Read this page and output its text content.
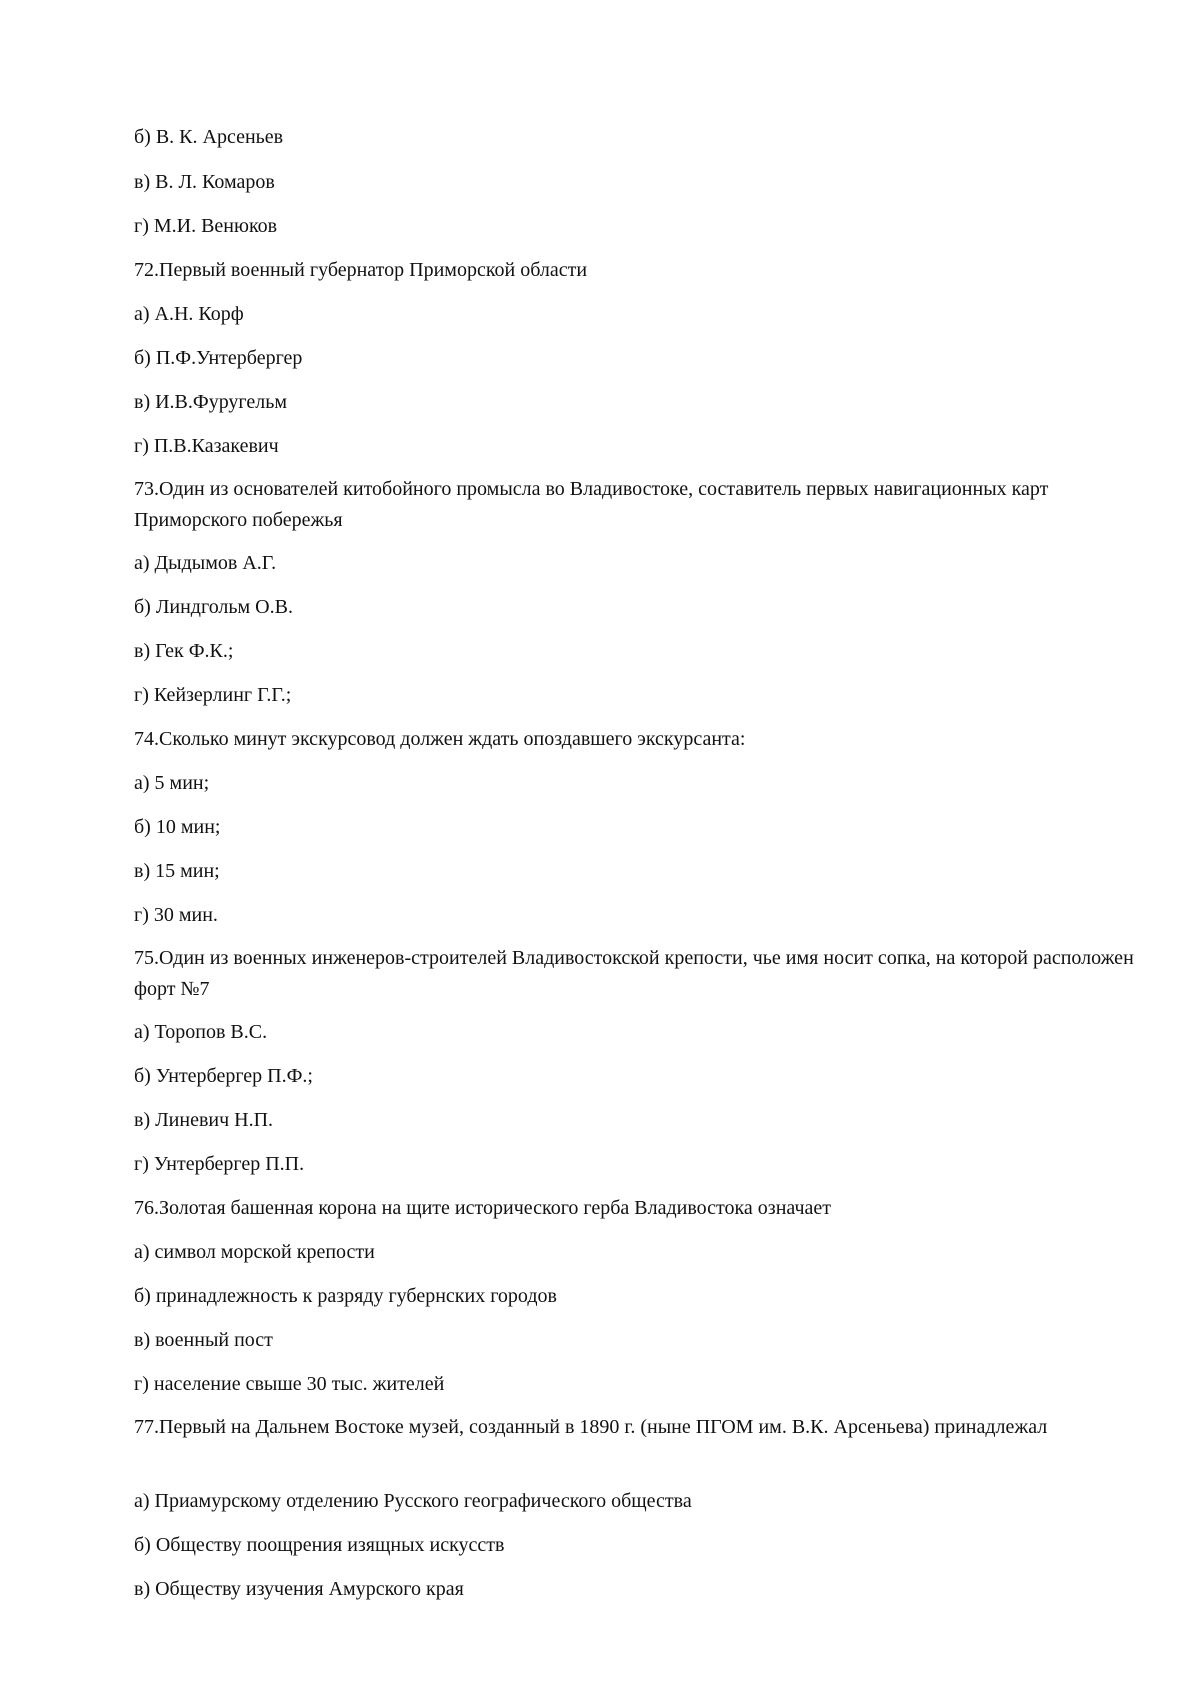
б) В. К. Арсеньев
в) В. Л. Комаров
г) М.И. Венюков
72.Первый военный губернатор Приморской области
а) А.Н. Корф
б) П.Ф.Унтербергер
в) И.В.Фуругельм
г) П.В.Казакевич
73.Один из основателей китобойного промысла во Владивостоке, составитель первых навигационных карт Приморского побережья
а) Дыдымов А.Г.
б) Линдгольм О.В.
в) Гек Ф.К.;
г) Кейзерлинг Г.Г.;
74.Сколько минут экскурсовод должен ждать опоздавшего экскурсанта:
а) 5 мин;
б) 10 мин;
в) 15 мин;
г) 30 мин.
75.Один из военных инженеров-строителей Владивостокской крепости, чье имя носит сопка, на которой расположен форт №7
а) Торопов В.С.
б) Унтербергер П.Ф.;
в) Линевич Н.П.
г) Унтербергер П.П.
76.Золотая башенная корона на щите исторического герба Владивостока означает
а) символ морской крепости
б) принадлежность к разряду губернских городов
в) военный пост
г) население свыше 30 тыс. жителей
77.Первый на Дальнем Востоке музей, созданный в 1890 г. (ныне ПГОМ им. В.К. Арсеньева) принадлежал
а) Приамурскому отделению Русского географического общества
б) Обществу поощрения изящных искусств
в) Обществу изучения Амурского края
